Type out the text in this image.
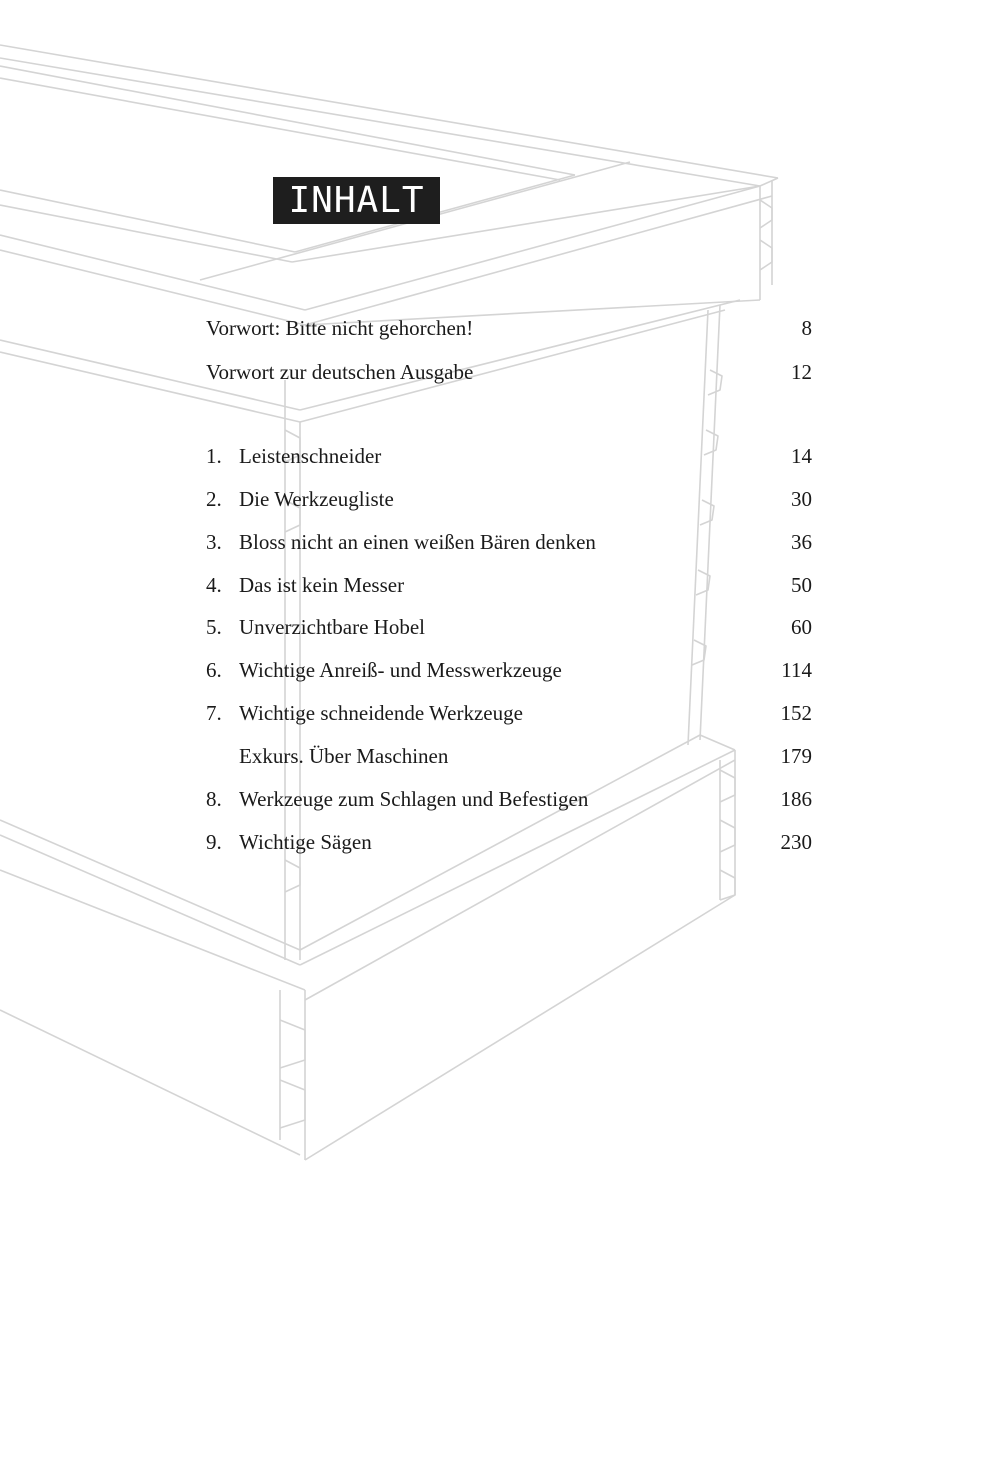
INHALT
Vorwort: Bitte nicht gehorchen!	8
Vorwort zur deutschen Ausgabe	12
1. Leistenschneider	14
2. Die Werkzeugliste	30
3. Bloss nicht an einen weißen Bären denken	36
4. Das ist kein Messer	50
5. Unverzichtbare Hobel	60
6. Wichtige Anreiß- und Messwerkzeuge	114
7. Wichtige schneidende Werkzeuge	152
Exkurs. Über Maschinen	179
8. Werkzeuge zum Schlagen und Befestigen	186
9. Wichtige Sägen	230
